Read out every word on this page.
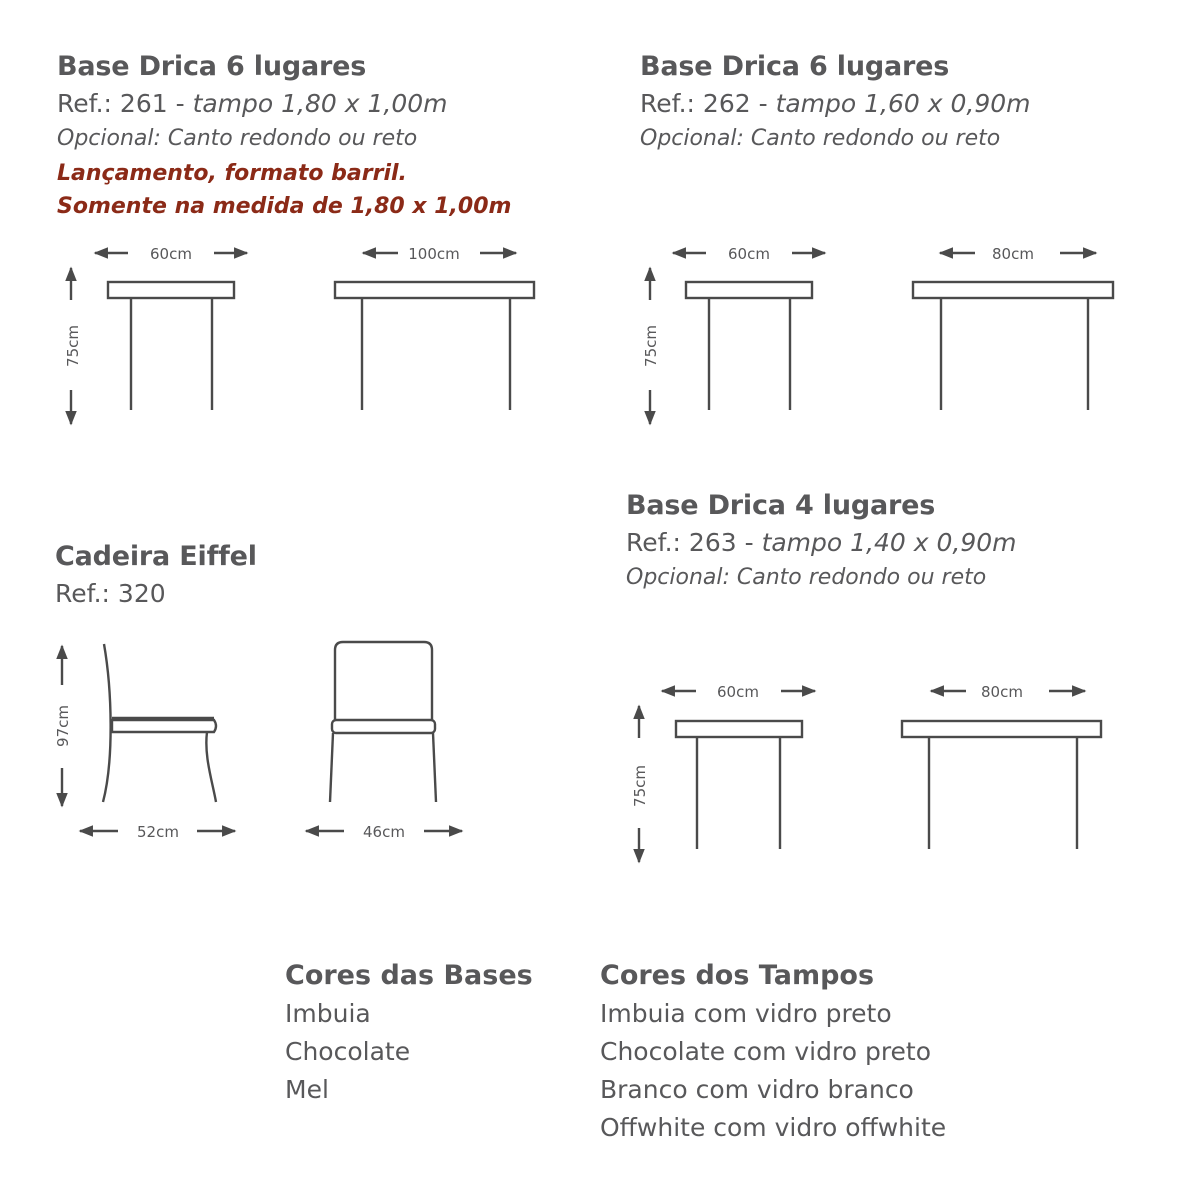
Base Drica 6 lugares
Ref.: 261 - tampo 1,80 x 1,00m
Opcional: Canto redondo ou reto
Lançamento, formato barril.
Somente na medida de 1,80 x 1,00m
Base Drica 6 lugares
Ref.: 262 - tampo 1,60 x 0,90m
Opcional: Canto redondo ou reto
Base Drica 4 lugares
Ref.: 263 - tampo 1,40 x 0,90m
Opcional: Canto redondo ou reto
Cadeira Eiffel
Ref.: 320
Cores das Bases
Imbuia
Chocolate
Mel
Cores dos Tampos
Imbuia com vidro preto
Chocolate com vidro preto
Branco com vidro branco
Offwhite com vidro offwhite
60cm	100cm
75cm
60cm	80cm
75cm
60cm	80cm
75cm
97cm
52cm	46cm
